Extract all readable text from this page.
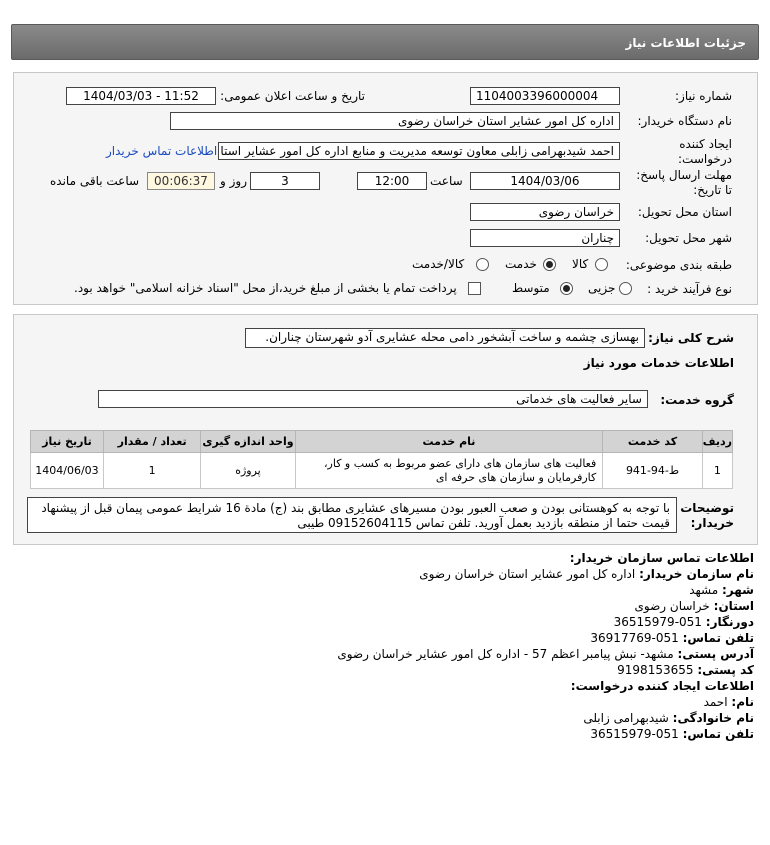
جزئیات اطلاعات نیاز
شماره نیاز:
1104003396000004
تاریخ و ساعت اعلان عمومی:
1404/03/03 - 11:52
نام دستگاه خریدار:
اداره کل امور عشایر استان خراسان رضوی
ایجاد کننده
درخواست:
احمد شیدبهرامی زابلی معاون توسعه مدیریت و منابع اداره کل امور عشایر استا
اطلاعات تماس خریدار
مهلت ارسال پاسخ:
تا تاریخ:
1404/03/06
ساعت
12:00
3
روز و
00:06:37
ساعت باقی مانده
استان محل تحویل:
خراسان رضوی
شهر محل تحویل:
چناران
طبقه بندی موضوعی:
کالا
خدمت
کالا/خدمت
نوع فرآیند خرید :
جزیی
متوسط
پرداخت تمام یا بخشی از مبلغ خرید،از محل "اسناد خزانه اسلامی" خواهد بود.
شرح کلی نیاز:
بهسازی چشمه و ساخت آبشخور دامی محله عشایری آدو شهرستان چناران.
اطلاعات خدمات مورد نیاز
گروه خدمت:
سایر فعالیت های خدماتی
ردیف	کد خدمت	نام خدمت	واحد اندازه گیری	تعداد / مقدار	تاریخ نیاز
1	ط-94-941	فعالیت های سازمان های دارای عضو مربوط به کسب و کار،
کارفرمایان و سازمان های حرفه ای	پروژه	1	1404/06/03
توضیحات
خریدار:
با توجه به کوهستانی بودن و صعب العبور بودن مسیرهای عشایری مطابق بند (ج) مادة 16 شرایط عمومی پیمان قبل از پیشنهاد
قیمت حتما از منطقه بازدید بعمل آورید. تلفن تماس 09152604115 طیبی
اطلاعات تماس سازمان خریدار:
نام سازمان خریدار: اداره کل امور عشایر استان خراسان رضوی
شهر: مشهد
استان: خراسان رضوی
دورنگار: 051-36515979
تلفن تماس: 051-36917769
آدرس پستی: مشهد- نبش پیامبر اعظم 57 - اداره کل امور عشایر خراسان رضوی
کد پستی: 9198153655
اطلاعات ایجاد کننده درخواست:
نام: احمد
نام خانوادگی: شیدبهرامی زابلی
تلفن تماس: 051-36515979
